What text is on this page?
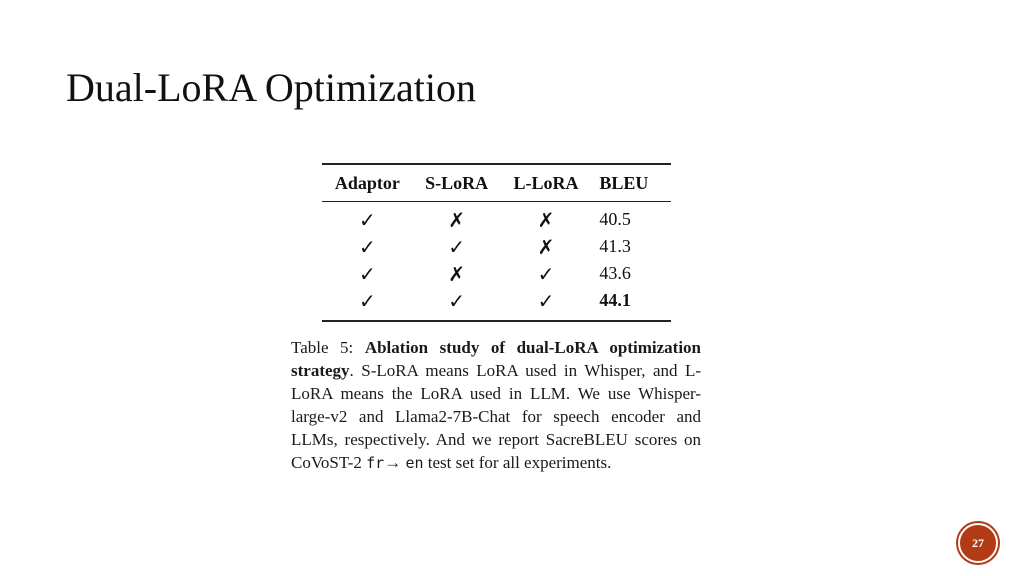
Dual-LoRA Optimization
Adaptor	S-LoRA	L-LoRA	BLEU
✓	✗	✗	40.5
✓	✓	✗	41.3
✓	✗	✓	43.6
✓	✓	✓	44.1

Table 5: Ablation study of dual-LoRA optimization strategy. S-LoRA means LoRA used in Whisper, and L-LoRA means the LoRA used in LLM. We use Whisper-large-v2 and Llama2-7B-Chat for speech encoder and LLMs, respectively. And we report SacreBLEU scores on CoVoST-2 fr→ en test set for all experiments.

27
